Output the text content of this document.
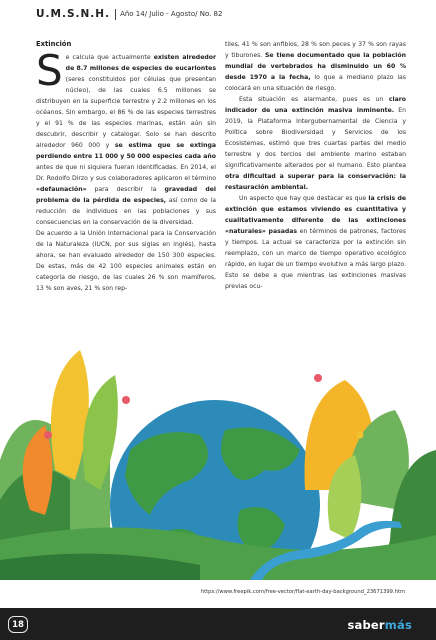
U.M.S.N.H. Año 14/ Julio - Agosto/ No. 82
Extinción

Se calcula que actualmente existen alrededor de 8.7 millones de especies de eucariontes (seres constituidos por células que presentan núcleo), de las cuales 6.5 millones se distribuyen en la superficie terrestre y 2.2 millones en los océanos. Sin embargo, el 86 % de las especies terrestres y el 91 % de las especies marinas, están aún sin descubrir, describir y catalogar. Solo se han descrito alrededor 960 000 y se estima que se extinga perdiendo entre 11 000 y 50 000 especies cada año antes de que ni siquiera fueran identificadas. En 2014, el Dr. Rodolfo Dirzo y sus colaboradores aplicaron el término «defaunación» para describir la gravedad del problema de la pérdida de especies, así como de la reducción de individuos en las poblaciones y sus consecuencias en la conservación de la diversidad.

De acuerdo a la Unión Internacional para la Conservación de la Naturaleza (IUCN, por sus siglas en inglés), hasta ahora, se han evaluado alrededor de 150 300 especies. De estas, más de 42 100 especies animales están en categoría de riesgo, de las cuales 26 % son mamíferos, 13 % son aves, 21 % son rep-

tiles, 41 % son anfibios, 28 % son peces y 37 % son rayas y tiburones. Se tiene documentado que la población mundial de vertebrados ha disminuido un 60 % desde 1970 a la fecha, lo que a mediano plazo las colocará en una situación de riesgo.

Esta situación es alarmante, pues es un claro indicador de una extinción masiva inminente. En 2019, la Plataforma Intergubernamental de Ciencia y Política sobre Biodiversidad y Servicios de los Ecosistemas, estimó que tres cuartas partes del medio terrestre y dos tercios del ambiente marino estaban significativamente alterados por el humano. Esto plantea otra dificultad a superar para la conservación: la restauración ambiental.

Un aspecto que hay que destacar es que la crisis de extinción que estamos viviendo es cuantitativa y cualitativamente diferente de las extinciones «naturales» pasadas en términos de patrones, factores y tiempos. La actual se caracteriza por la extinción sin reemplazo, con un marco de tiempo operativo ecológico rápido, en lugar de un tiempo evolutivo a más largo plazo. Esto se debe a que mientras las extinciones masivas previas ocu-

https://www.freepik.com/free-vector/flat-earth-day-background_23671399.htm
18	sabermás
